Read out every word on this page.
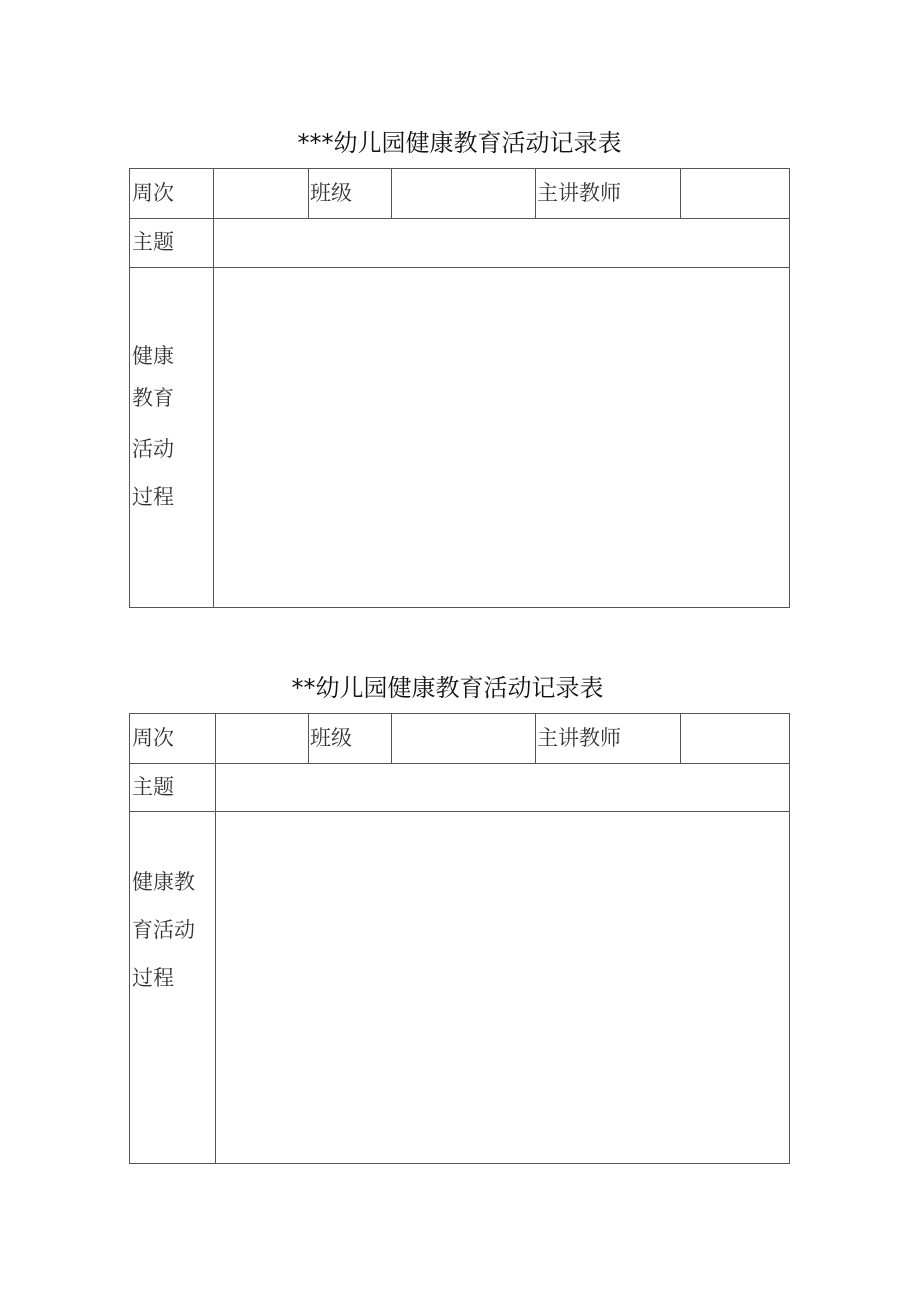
***幼儿园健康教育活动记录表
周次	班级	主讲教师
主题
健康
教育
活动
过程
**幼儿园健康教育活动记录表
周次	班级	主讲教师
主题
健康教
育活动
过程
